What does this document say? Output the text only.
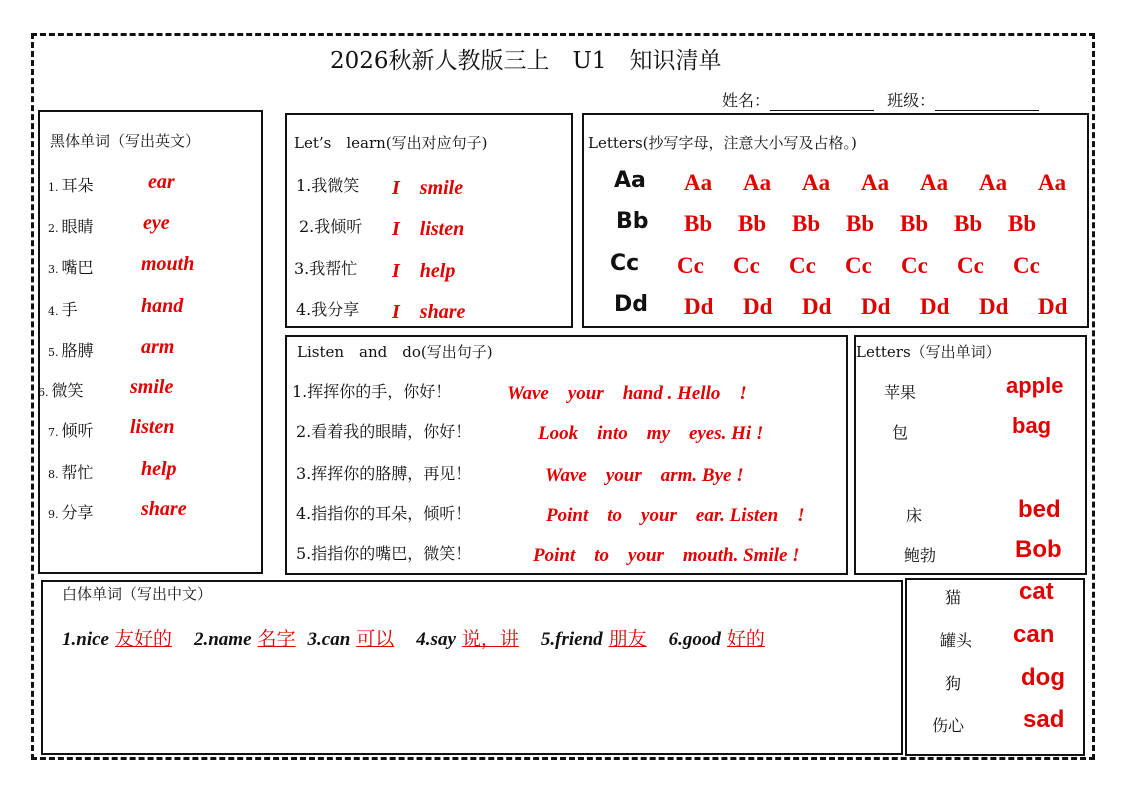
2026秋新人教版三上　U1　知识清单
姓名：	班级：
黑体单词（写出英文）
1. 耳朵	ear
2. 眼睛 eye
3. 嘴巴 mouth
4. 手	hand
5. 胳膊 arm
6. 微笑 smile
7. 倾听 listen
8. 帮忙 help
9. 分享 share
Let’s　learn(写出对应句子)
1.我微笑 I　smile
2.我倾听 I　listen
3.我帮忙 I　help
4.我分享 I　share
Letters(抄写字母，注意大小写及占格。)
Aa Aa Aa Aa Aa Aa Aa Aa
Bb Bb Bb Bb Bb Bb Bb Bb
Cc Cc Cc Cc Cc Cc Cc Cc
Dd Dd Dd Dd Dd Dd Dd Dd
Listen　and　do(写出句子)
1.挥挥你的手，你好！	Wave　your　hand . Hello　!
2.看着我的眼睛，你好！	Look　into　my　eyes. Hi !
3.挥挥你的胳膊，再见！	Wave　your　arm. Bye !
4.指指你的耳朵，倾听！	Point　to　your　ear. Listen　!
5.指指你的嘴巴，微笑！	Point　to　your　mouth. Smile !
Letters（写出单词）
苹果	apple
包	bag
床	bed
鲍勃	Bob
猫 cat
罐头 can
狗 dog
伤心 sad
白体单词（写出中文）
1.nice 友好的 2.name 名字 3.can 可以 4.say 说，讲 5.friend 朋友 6.good 好的
